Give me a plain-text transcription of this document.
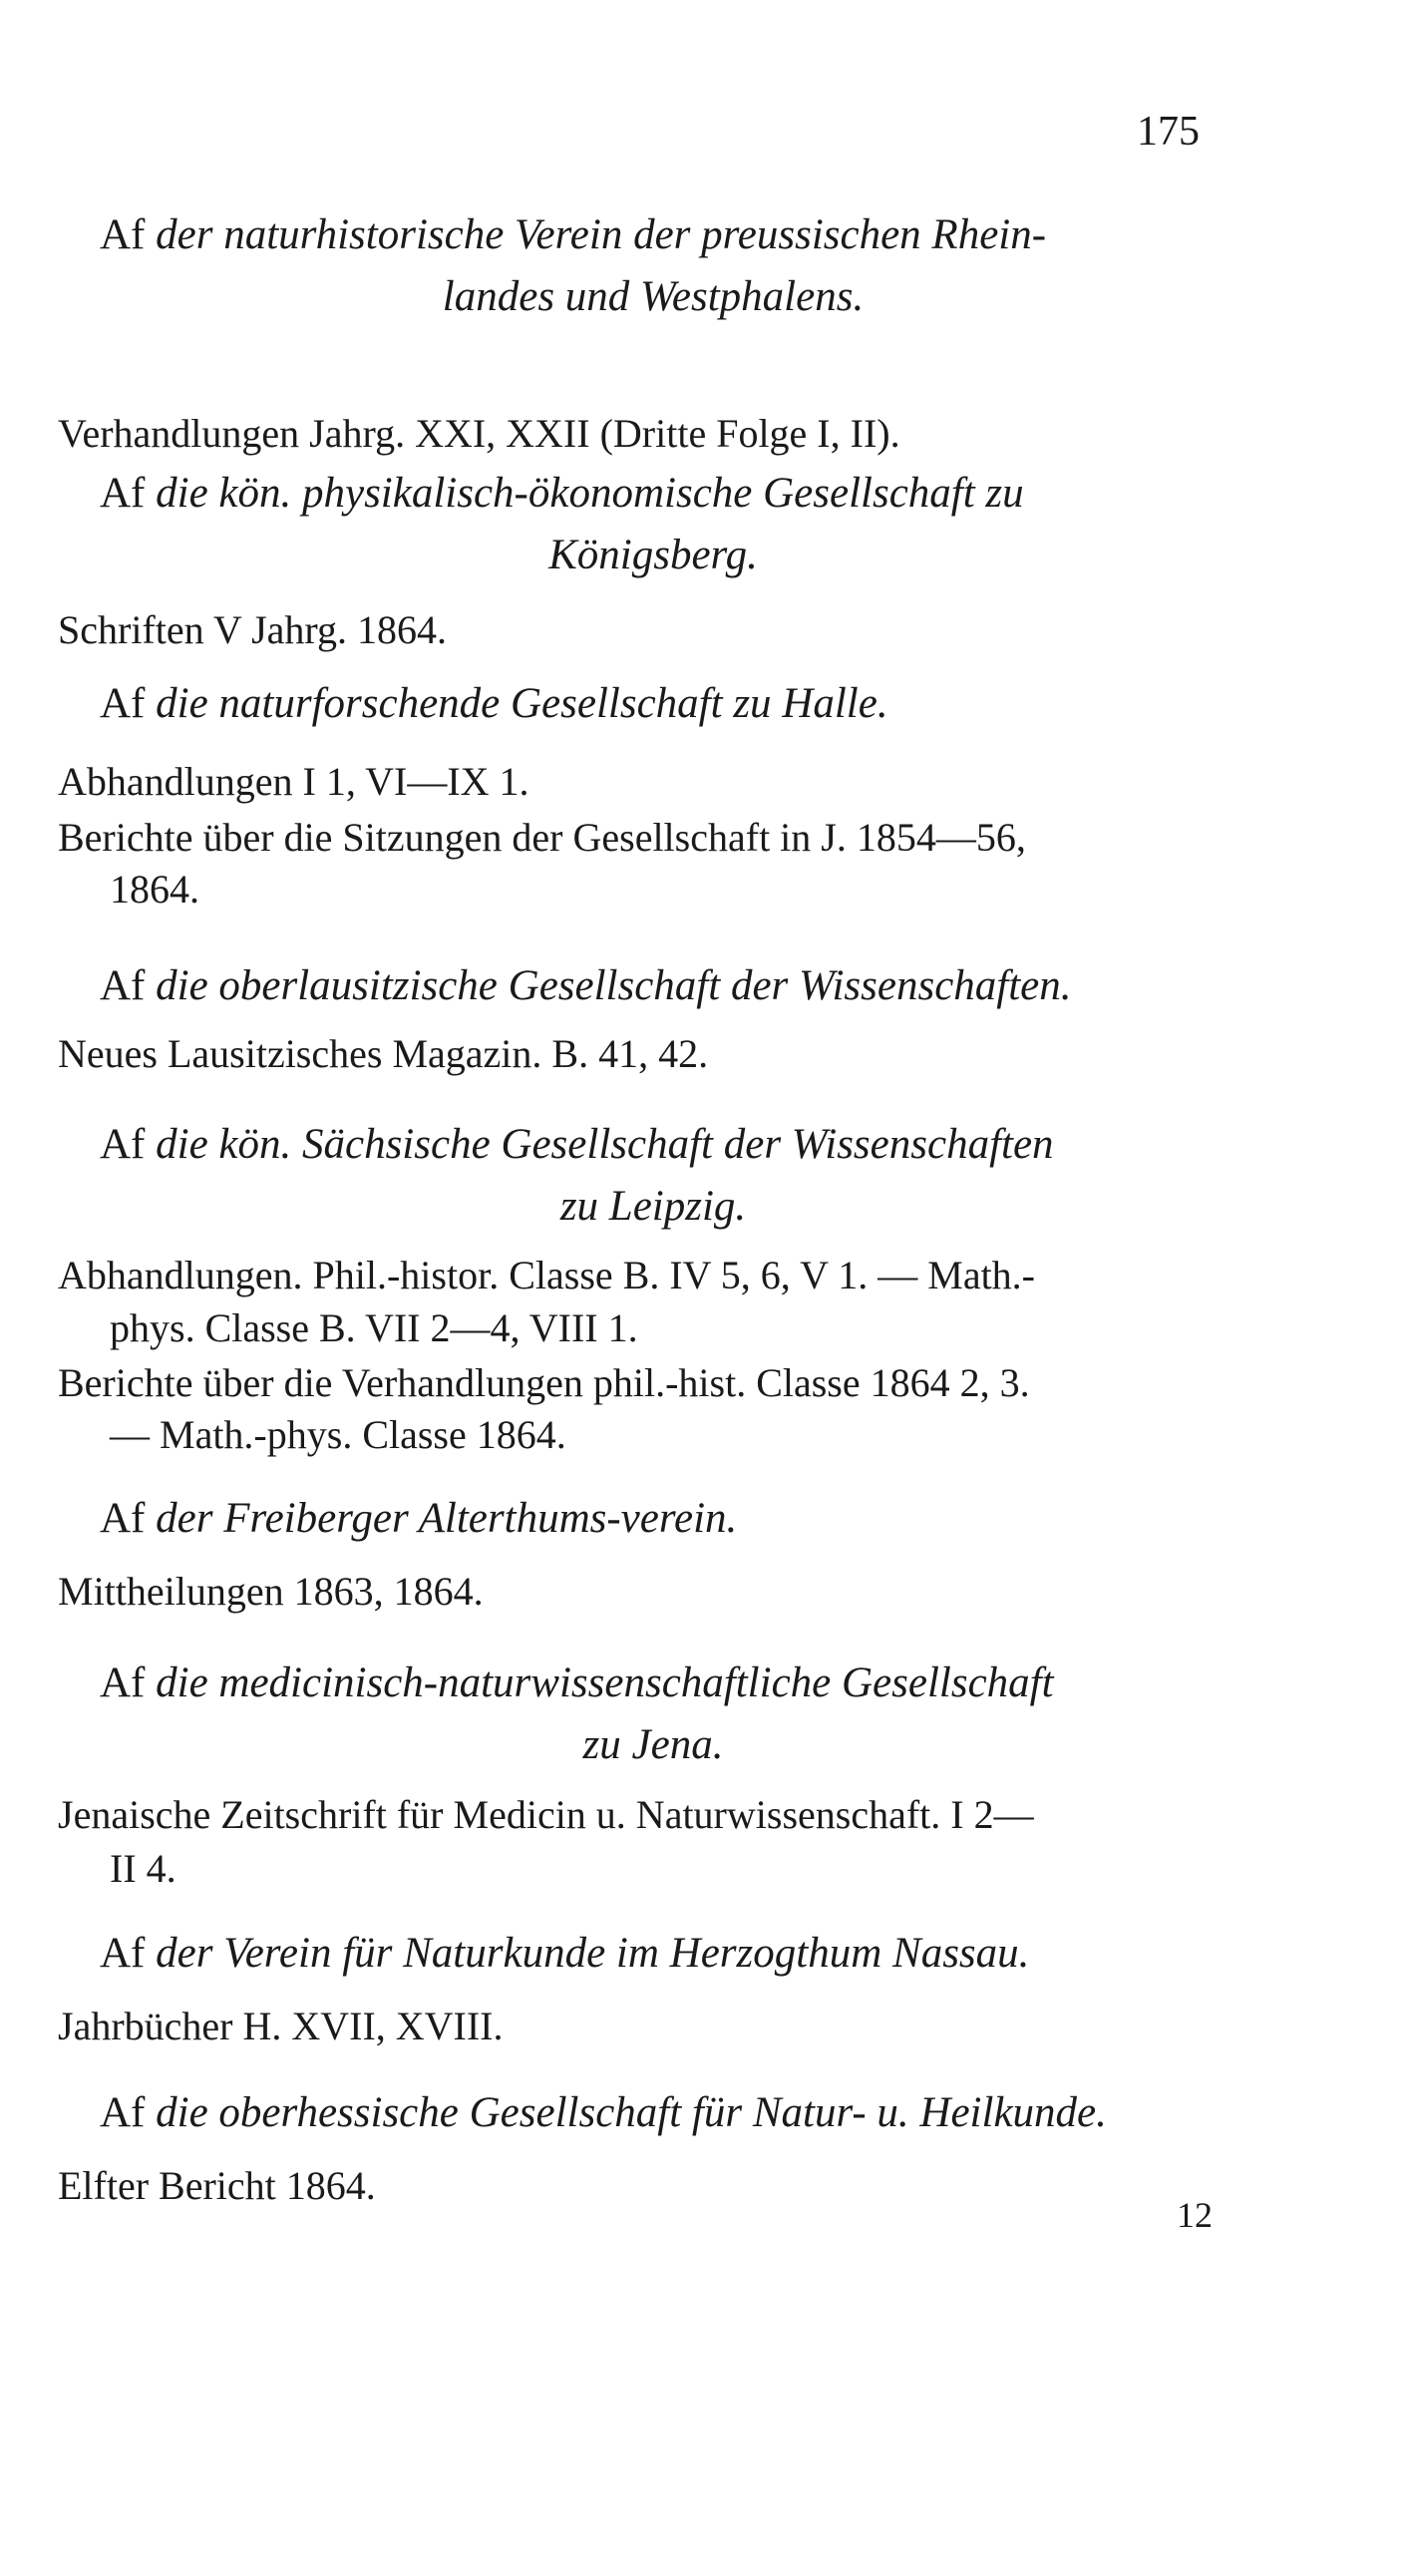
175
Af der naturhistorische Verein der preussischen Rhein-
landes und Westphalens.
Verhandlungen Jahrg. XXI, XXII (Dritte Folge I, II).
Af die kön. physikalisch-ökonomische Gesellschaft zu
Königsberg.
Schriften V Jahrg. 1864.
Af die naturforschende Gesellschaft zu Halle.
Abhandlungen I 1, VI—IX 1.
Berichte über die Sitzungen der Gesellschaft in J. 1854—56,
1864.
Af die oberlausitzische Gesellschaft der Wissenschaften.
Neues Lausitzisches Magazin. B. 41, 42.
Af die kön. Sächsische Gesellschaft der Wissenschaften
zu Leipzig.
Abhandlungen. Phil.-histor. Classe B. IV 5, 6, V 1. — Math.-
phys. Classe B. VII 2—4, VIII 1.
Berichte über die Verhandlungen phil.-hist. Classe 1864 2, 3.
— Math.-phys. Classe 1864.
Af der Freiberger Alterthums-verein.
Mittheilungen 1863, 1864.
Af die medicinisch-naturwissenschaftliche Gesellschaft
zu Jena.
Jenaische Zeitschrift für Medicin u. Naturwissenschaft. I 2—
II 4.
Af der Verein für Naturkunde im Herzogthum Nassau.
Jahrbücher H. XVII, XVIII.
Af die oberhessische Gesellschaft für Natur- u. Heilkunde.
Elfter Bericht 1864.
12
